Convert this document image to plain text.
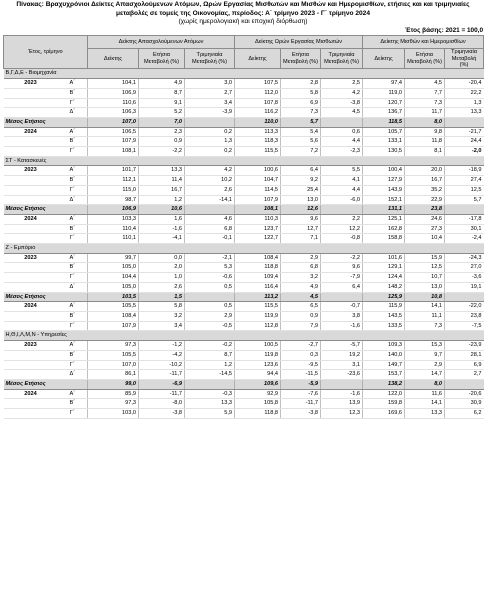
Πίνακας: Βραχυχρόνιοι Δείκτες Απασχολούμενων Ατόμων, Ωρών Εργασίας Μισθωτών και Μισθών και Ημερομισθίων, ετήσιες και και τριμηνιαίες μεταβολές σε τομείς της Οικονομίας, περίοδος: Α΄ τρίμηνο 2023 - Γ΄ τρίμηνο 2024
(χωρίς ημερολογιακή και εποχική διόρθωση)
Έτος βάσης: 2021 = 100,0
Έτος, τρίμηνο		Δείκτης Απασχολούμενων Ατόμων			Δείκτης Ωρών Εργασίας Μισθωτών			Δείκτης Μισθών και Ημερομισθίων		
		Δείκτης	Ετήσια Μεταβολή (%)	Τριμηνιαία Μεταβολή (%)	Δείκτης	Ετήσια Μεταβολή (%)	Τριμηνιαία Μεταβολή (%)	Δείκτης	Ετήσια Μεταβολή (%)	Τριμηνιαία Μεταβολή (%)
Β,Γ,Δ,Ε - Βιομηχανία										
2023	Α΄	104,1	4,9	3,0	107,5	2,8	2,5	97,4	4,5	-20,4
	Β΄	106,9	8,7	2,7	112,0	5,8	4,2	119,0	7,7	22,2
	Γ΄	110,6	9,1	3,4	107,8	6,9	-3,8	120,7	7,3	1,3
	Δ΄	106,3	5,2	-3,9	116,2	7,3	4,5	136,7	11,7	13,3
Μέσος Ετήσιος		107,0	7,0		110,0	5,7		118,5	8,0	
2024	Α΄	106,5	2,3	0,2	113,3	5,4	0,6	105,7	9,8	-21,7
	Β΄	107,9	0,9	1,3	118,3	5,6	4,4	133,1	11,8	24,4
	Γ΄	108,1	-2,2	0,2	115,5	7,2	-2,3	130,5	8,1	-2,0
ΣΤ - Κατασκευές										
2023	Α΄	101,7	13,3	4,2	100,6	6,4	5,5	100,4	20,0	-18,9
	Β΄	112,1	11,4	10,2	104,7	9,2	4,1	127,9	16,7	27,4
	Γ΄	115,0	16,7	2,6	114,5	25,4	4,4	143,9	35,2	12,5
	Δ΄	98,7	1,2	-14,1	107,9	13,0	-6,0	152,1	22,9	5,7
Μέσος Ετήσιος		106,9	10,6		108,1	12,6		131,1	23,8	
2024	Α΄	103,3	1,6	4,6	110,3	9,6	2,2	125,1	24,6	-17,8
	Β΄	110,4	-1,6	6,8	123,7	12,7	12,2	162,8	27,3	30,1
	Γ΄	110,1	-4,1	-0,1	122,7	7,1	-0,8	158,8	10,4	-2,4
Ζ - Εμπόριο										
2023	Α΄	99,7	0,0	-2,1	108,4	2,9	-2,2	101,6	15,9	-24,3
	Β΄	105,0	2,0	5,3	118,8	6,8	9,6	129,1	12,5	27,0
	Γ΄	104,4	1,0	-0,6	109,4	3,2	-7,9	124,4	10,7	-3,6
	Δ΄	105,0	2,6	0,5	116,4	4,9	6,4	148,2	13,0	19,1
Μέσος Ετήσιος		103,5	1,5		113,2	4,5		125,9	10,8	
2024	Α΄	105,5	5,8	0,5	115,5	6,5	-0,7	115,9	14,1	-22,0
	Β΄	108,4	3,2	2,9	119,9	0,9	3,8	143,5	11,1	23,8
	Γ΄	107,9	3,4	-0,5	112,8	7,9	-1,6	133,5	7,3	-7,5
Η,Θ,Ι,Λ,Μ,Ν - Υπηρεσίες										
2023	Α΄	97,3	-1,2	-0,2	100,5	-2,7	-5,7	109,3	15,3	-23,9
	Β΄	105,5	-4,2	8,7	119,8	0,3	19,2	140,0	9,7	28,1
	Γ΄	107,0	-10,2	1,2	123,6	-9,5	3,1	149,7	2,9	6,9
	Δ΄	86,1	-11,7	-14,5	94,4	-11,5	-23,6	153,7	14,7	2,7
Μέσος Ετήσιος		99,0	-6,9		109,6	-5,9		138,2	8,0	
2024	Α΄	85,9	-11,7	-0,3	92,9	-7,6	-1,6	122,0	11,6	-20,6
	Β΄	97,3	-8,0	13,3	105,8	-11,7	13,9	159,8	14,1	30,9
	Γ΄	103,0	-3,8	5,9	118,8	-3,8	12,3	169,6	13,3	6,2
